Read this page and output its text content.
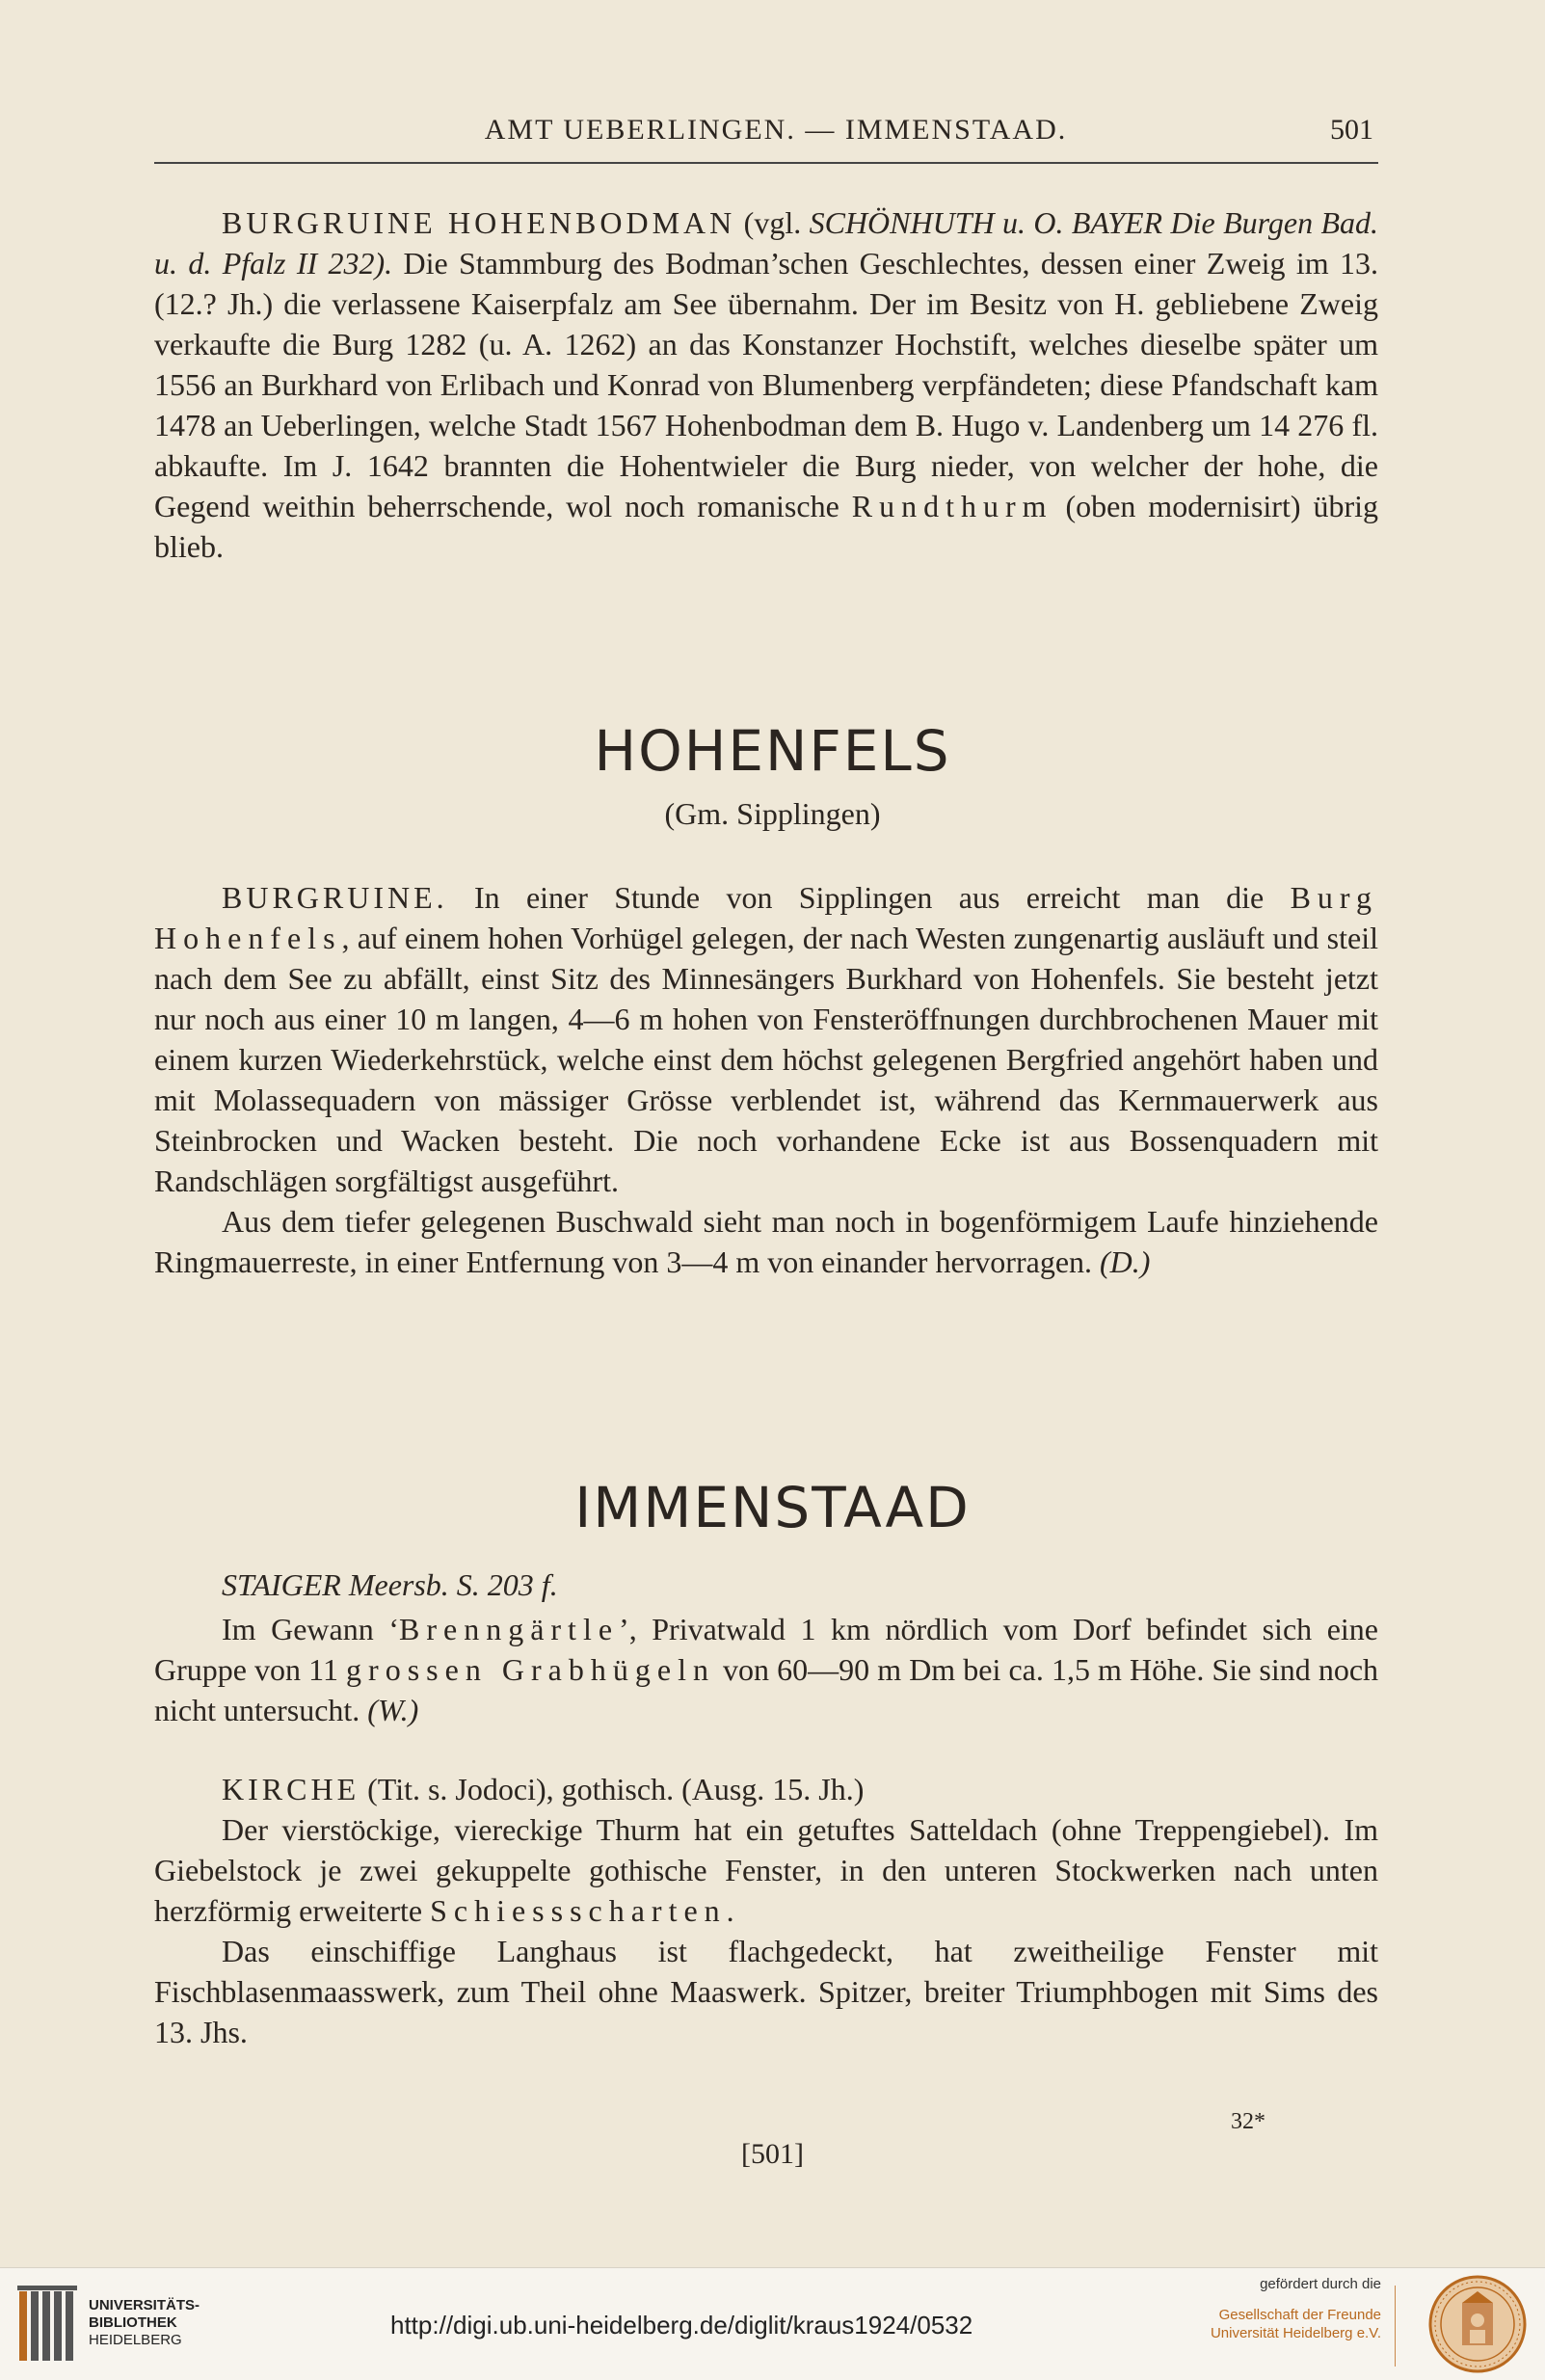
AMT UEBERLINGEN. — IMMENSTAAD.	501

BURGRUINE HOHENBODMAN (vgl. SCHÖNHUTH u. O. BAYER Die Burgen Bad. u. d. Pfalz II 232). Die Stammburg des Bodman’schen Geschlechtes, dessen einer Zweig im 13. (12.? Jh.) die verlassene Kaiserpfalz am See übernahm. Der im Besitz von H. gebliebene Zweig verkaufte die Burg 1282 (u. A. 1262) an das Konstanzer Hochstift, welches dieselbe später um 1556 an Burkhard von Erlibach und Konrad von Blumenberg verpfändeten; diese Pfandschaft kam 1478 an Ueberlingen, welche Stadt 1567 Hohenbodman dem B. Hugo v. Landenberg um 14 276 fl. abkaufte. Im J. 1642 brannten die Hohentwieler die Burg nieder, von welcher der hohe, die Gegend weithin beherrschende, wol noch romanische Rundthurm (oben modernisirt) übrig blieb.

HOHENFELS
(Gm. Sipplingen)

BURGRUINE. In einer Stunde von Sipplingen aus erreicht man die Burg Hohenfels, auf einem hohen Vorhügel gelegen, der nach Westen zungenartig ausläuft und steil nach dem See zu abfällt, einst Sitz des Minnesängers Burkhard von Hohenfels. Sie besteht jetzt nur noch aus einer 10 m langen, 4—6 m hohen von Fensteröffnungen durchbrochenen Mauer mit einem kurzen Wiederkehrstück, welche einst dem höchst gelegenen Bergfried angehört haben und mit Molassequadern von mässiger Grösse verblendet ist, während das Kernmauerwerk aus Steinbrocken und Wacken besteht. Die noch vorhandene Ecke ist aus Bossenquadern mit Randschlägen sorgfältigst ausgeführt.

Aus dem tiefer gelegenen Buschwald sieht man noch in bogenförmigem Laufe hinziehende Ringmauerreste, in einer Entfernung von 3—4 m von einander hervorragen. (D.)

IMMENSTAAD

STAIGER Meersb. S. 203 f.

Im Gewann ‘Brenngärtle’, Privatwald 1 km nördlich vom Dorf befindet sich eine Gruppe von 11 grossen Grabhügeln von 60—90 m Dm bei ca. 1,5 m Höhe. Sie sind noch nicht untersucht. (W.)

KIRCHE (Tit. s. Jodoci), gothisch. (Ausg. 15. Jh.)

Der vierstöckige, viereckige Thurm hat ein getuftes Satteldach (ohne Treppengiebel). Im Giebelstock je zwei gekuppelte gothische Fenster, in den unteren Stockwerken nach unten herzförmig erweiterte Schiessscharten.

Das einschiffige Langhaus ist flachgedeckt, hat zweitheilige Fenster mit Fischblasenmaasswerk, zum Theil ohne Maaswerk. Spitzer, breiter Triumphbogen mit Sims des 13. Jhs.

32*
[501]
UNIVERSITÄTS-
BIBLIOTHEK
HEIDELBERG
http://digi.ub.uni-heidelberg.de/diglit/kraus1924/0532
gefördert durch die
Gesellschaft der Freunde
Universität Heidelberg e.V.
